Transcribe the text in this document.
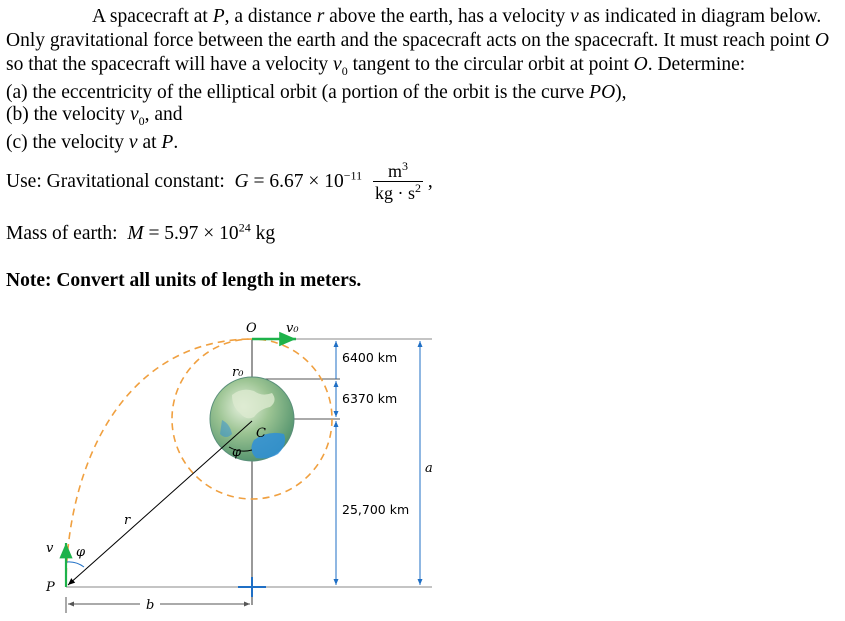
A spacecraft at P, a distance r above the earth, has a velocity v as indicated in diagram below.
Only gravitational force between the earth and the spacecraft acts on the spacecraft. It must reach point O
so that the spacecraft will have a velocity $v_0$ tangent to the circular orbit at point O. Determine:
(a) the eccentricity of the elliptical orbit (a portion of the orbit is the curve PO),
(b) the velocity $v_0$, and
(c) the velocity v at P.
Use: Gravitational constant: $G = 6.67 \times 10^{-11} \frac{m^3}{kg \cdot s^2}$ ,
Mass of earth: $M = 5.97 \times 10^{24}$ kg
Note: Convert all units of length in meters.
O v₀
r₀
C
φ
6400 km
6370 km
25,700 km
a
r
v φ
P
b
